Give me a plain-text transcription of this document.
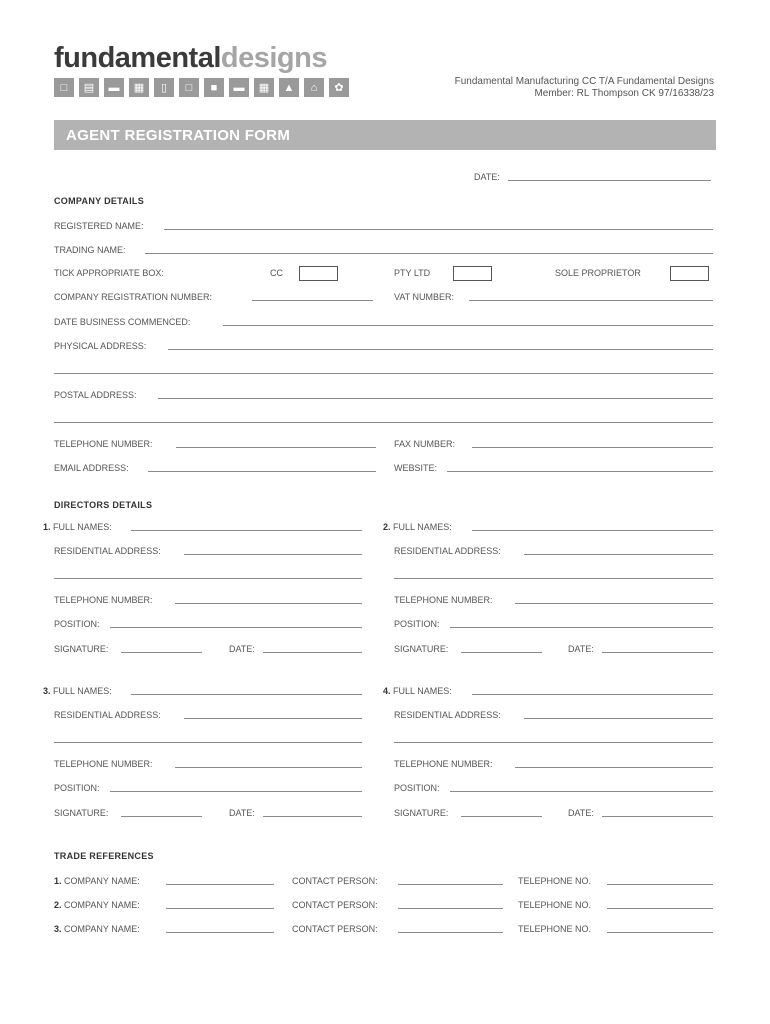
fundamentaldesigns
□	▤	▬	▦	▯	□	■	▬	▦	▲	⌂	✿
Fundamental Manufacturing CC T/A Fundamental Designs
Member: RL Thompson CK 97/16338/23
AGENT REGISTRATION FORM
DATE:
COMPANY DETAILS
REGISTERED NAME:
TRADING NAME:
TICK APPROPRIATE BOX:	CC	PTY LTD	SOLE PROPRIETOR
COMPANY REGISTRATION NUMBER:	VAT NUMBER:
DATE BUSINESS COMMENCED:
PHYSICAL ADDRESS:
POSTAL ADDRESS:
TELEPHONE NUMBER:	FAX NUMBER:
EMAIL ADDRESS:	WEBSITE:
DIRECTORS DETAILS
1. FULL NAMES:
RESIDENTIAL ADDRESS:
TELEPHONE NUMBER:
POSITION:
SIGNATURE:	DATE:
2. FULL NAMES:
RESIDENTIAL ADDRESS:
TELEPHONE NUMBER:
POSITION:
SIGNATURE:	DATE:
3. FULL NAMES:
RESIDENTIAL ADDRESS:
TELEPHONE NUMBER:
POSITION:
SIGNATURE:	DATE:
4. FULL NAMES:
RESIDENTIAL ADDRESS:
TELEPHONE NUMBER:
POSITION:
SIGNATURE:	DATE:
TRADE REFERENCES
1. COMPANY NAME:	CONTACT PERSON:	TELEPHONE NO.
2. COMPANY NAME:	CONTACT PERSON:	TELEPHONE NO.
3. COMPANY NAME:	CONTACT PERSON:	TELEPHONE NO.
